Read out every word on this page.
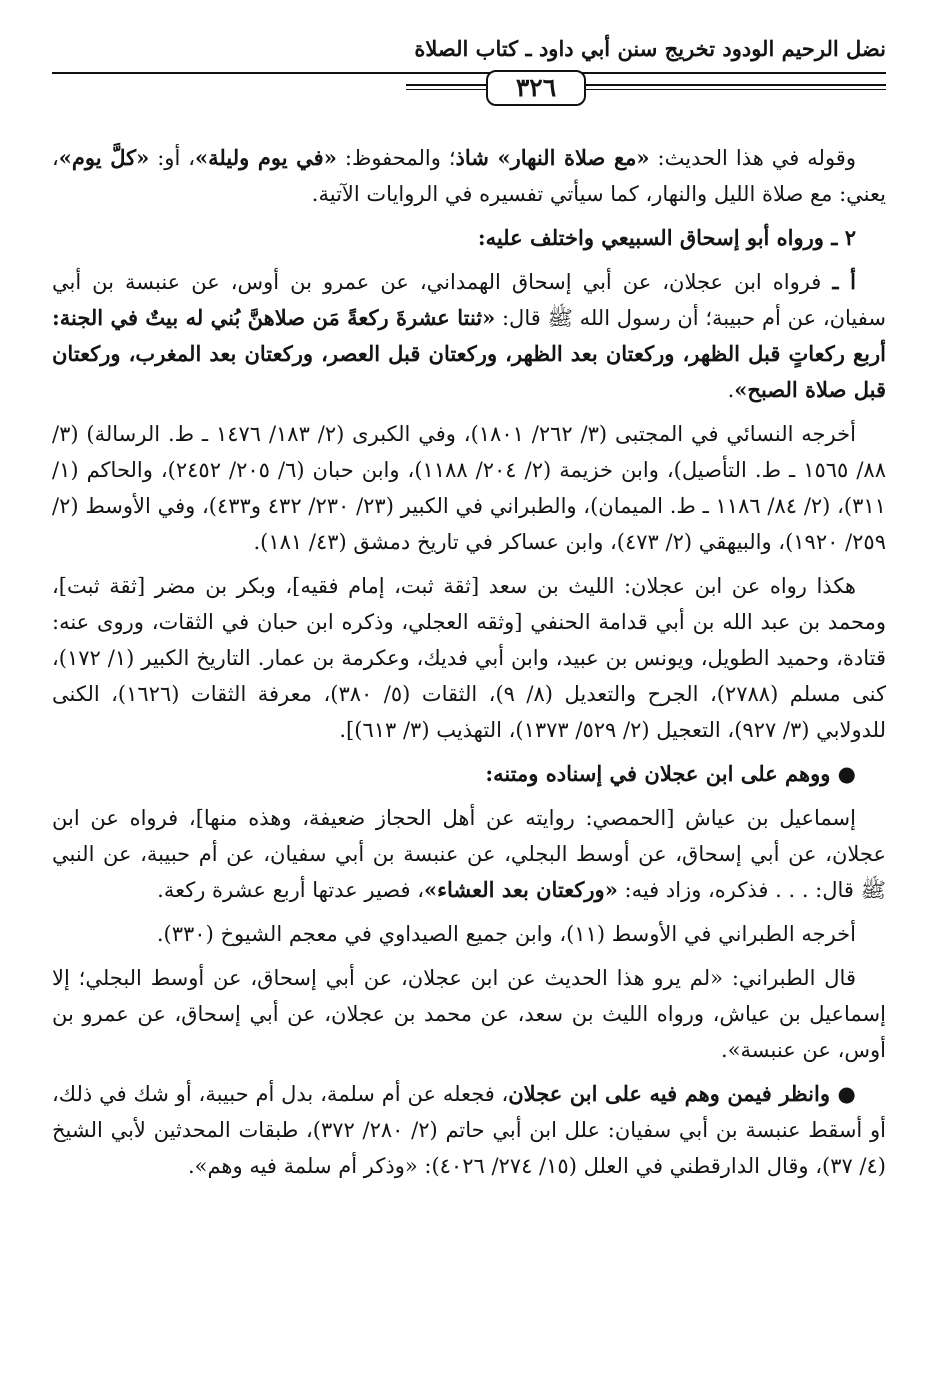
نضل الرحيم الودود تخريج سنن أبي داود ـ كتاب الصلاة
٣٢٦

وقوله في هذا الحديث: «مع صلاة النهار» شاذ؛ والمحفوظ: «في يوم وليلة»، أو: «كلَّ يوم»، يعني: مع صلاة الليل والنهار، كما سيأتي تفسيره في الروايات الآتية.

٢ ـ ورواه أبو إسحاق السبيعي واختلف عليه:

أ ـ فرواه ابن عجلان، عن أبي إسحاق الهمداني، عن عمرو بن أوس، عن عنبسة بن أبي سفيان، عن أم حبيبة؛ أن رسول الله ﷺ قال: «ثنتا عشرةَ ركعةً مَن صلاهنَّ بُني له بيتٌ في الجنة: أربع ركعاتٍ قبل الظهر، وركعتان بعد الظهر، وركعتان قبل العصر، وركعتان بعد المغرب، وركعتان قبل صلاة الصبح».

أخرجه النسائي في المجتبى (٣/ ٢٦٢/ ١٨٠١)، وفي الكبرى (٢/ ١٨٣/ ١٤٧٦ ـ ط. الرسالة) (٣/ ٨٨/ ١٥٦٥ ـ ط. التأصيل)، وابن خزيمة (٢/ ٢٠٤/ ١١٨٨)، وابن حبان (٦/ ٢٠٥/ ٢٤٥٢)، والحاكم (١/ ٣١١)، (٢/ ٨٤/ ١١٨٦ ـ ط. الميمان)، والطبراني في الكبير (٢٣/ ٢٣٠/ ٤٣٢ و٤٣٣)، وفي الأوسط (٢/ ٢٥٩/ ١٩٢٠)، والبيهقي (٢/ ٤٧٣)، وابن عساكر في تاريخ دمشق (٤٣/ ١٨١).

هكذا رواه عن ابن عجلان: الليث بن سعد [ثقة ثبت، إمام فقيه]، وبكر بن مضر [ثقة ثبت]، ومحمد بن عبد الله بن أبي قدامة الحنفي [وثقه العجلي، وذكره ابن حبان في الثقات، وروى عنه: قتادة، وحميد الطويل، ويونس بن عبيد، وابن أبي فديك، وعكرمة بن عمار. التاريخ الكبير (١/ ١٧٢)، كنى مسلم (٢٧٨٨)، الجرح والتعديل (٨/ ٩)، الثقات (٥/ ٣٨٠)، معرفة الثقات (١٦٢٦)، الكنى للدولابي (٣/ ٩٢٧)، التعجيل (٢/ ٥٢٩/ ١٣٧٣)، التهذيب (٣/ ٦١٣)].

● ووهم على ابن عجلان في إسناده ومتنه:

إسماعيل بن عياش [الحمصي: روايته عن أهل الحجاز ضعيفة، وهذه منها]، فرواه عن ابن عجلان، عن أبي إسحاق، عن أوسط البجلي، عن عنبسة بن أبي سفيان، عن أم حبيبة، عن النبي ﷺ قال: . . . فذكره، وزاد فيه: «وركعتان بعد العشاء»، فصير عدتها أربع عشرة ركعة.

أخرجه الطبراني في الأوسط (١١)، وابن جميع الصيداوي في معجم الشيوخ (٣٣٠).

قال الطبراني: «لم يرو هذا الحديث عن ابن عجلان، عن أبي إسحاق، عن أوسط البجلي؛ إلا إسماعيل بن عياش، ورواه الليث بن سعد، عن محمد بن عجلان، عن أبي إسحاق، عن عمرو بن أوس، عن عنبسة».

● وانظر فيمن وهم فيه على ابن عجلان، فجعله عن أم سلمة، بدل أم حبيبة، أو شك في ذلك، أو أسقط عنبسة بن أبي سفيان: علل ابن أبي حاتم (٢/ ٢٨٠/ ٣٧٢)، طبقات المحدثين لأبي الشيخ (٤/ ٣٧)، وقال الدارقطني في العلل (١٥/ ٢٧٤/ ٤٠٢٦): «وذكر أم سلمة فيه وهم».
